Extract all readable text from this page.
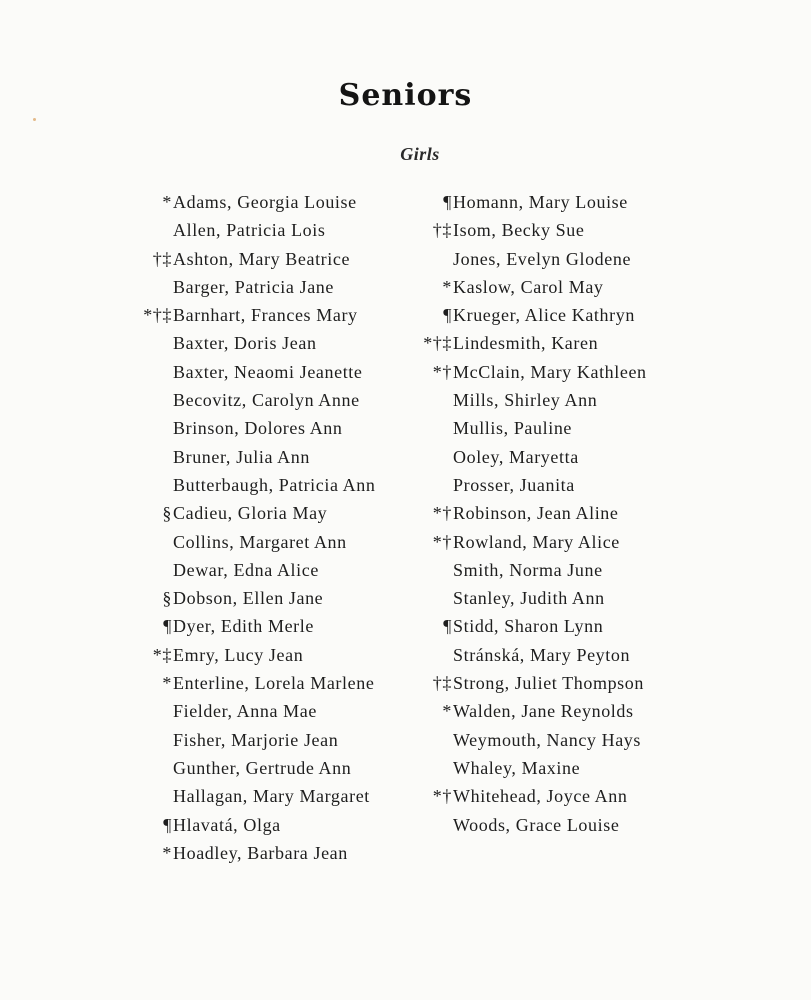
Seniors
Girls
* Adams, Georgia Louise
Allen, Patricia Lois
†‡ Ashton, Mary Beatrice
Barger, Patricia Jane
*†‡ Barnhart, Frances Mary
Baxter, Doris Jean
Baxter, Neaomi Jeanette
Becovitz, Carolyn Anne
Brinson, Dolores Ann
Bruner, Julia Ann
Butterbaugh, Patricia Ann
§ Cadieu, Gloria May
Collins, Margaret Ann
Dewar, Edna Alice
§ Dobson, Ellen Jane
¶ Dyer, Edith Merle
*‡ Emry, Lucy Jean
* Enterline, Lorela Marlene
Fielder, Anna Mae
Fisher, Marjorie Jean
Gunther, Gertrude Ann
Hallagan, Mary Margaret
¶ Hlavatá, Olga
* Hoadley, Barbara Jean
¶ Homann, Mary Louise
†‡ Isom, Becky Sue
Jones, Evelyn Glodene
* Kaslow, Carol May
¶ Krueger, Alice Kathryn
*†‡ Lindesmith, Karen
*† McClain, Mary Kathleen
Mills, Shirley Ann
Mullis, Pauline
Ooley, Maryetta
Prosser, Juanita
*† Robinson, Jean Aline
*† Rowland, Mary Alice
Smith, Norma June
Stanley, Judith Ann
¶ Stidd, Sharon Lynn
Stránská, Mary Peyton
†‡ Strong, Juliet Thompson
* Walden, Jane Reynolds
Weymouth, Nancy Hays
Whaley, Maxine
*† Whitehead, Joyce Ann
Woods, Grace Louise
